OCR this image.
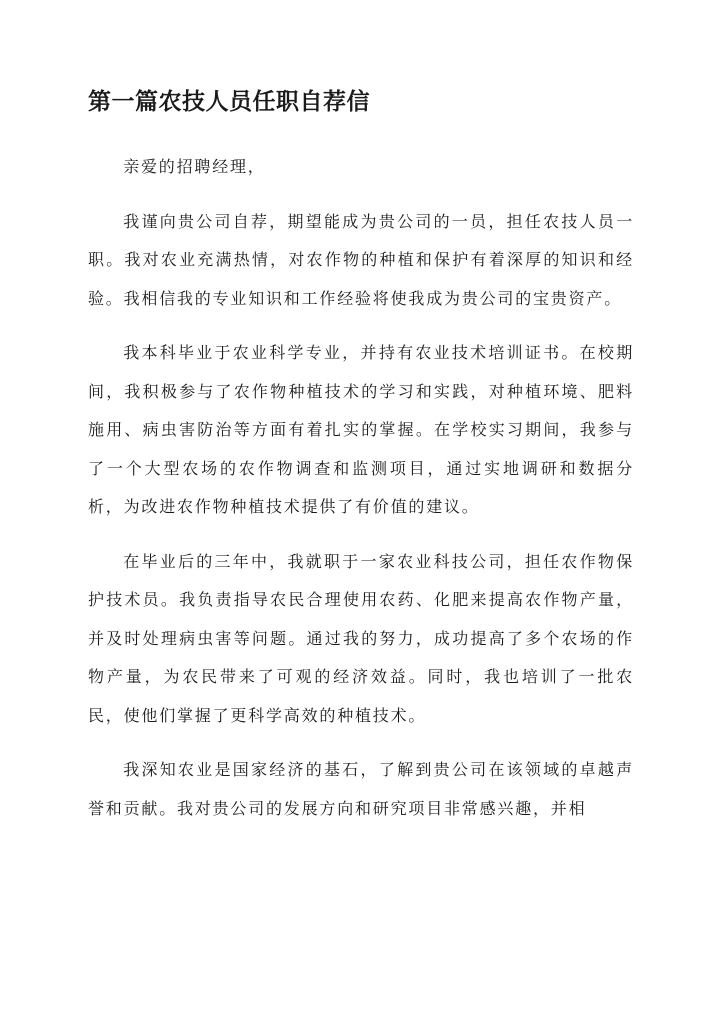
第一篇农技人员任职自荐信

亲爱的招聘经理，

我谨向贵公司自荐，期望能成为贵公司的一员，担任农技人员一职。我对农业充满热情，对农作物的种植和保护有着深厚的知识和经验。我相信我的专业知识和工作经验将使我成为贵公司的宝贵资产。

我本科毕业于农业科学专业，并持有农业技术培训证书。在校期间，我积极参与了农作物种植技术的学习和实践，对种植环境、肥料施用、病虫害防治等方面有着扎实的掌握。在学校实习期间，我参与了一个大型农场的农作物调查和监测项目，通过实地调研和数据分析，为改进农作物种植技术提供了有价值的建议。

在毕业后的三年中，我就职于一家农业科技公司，担任农作物保护技术员。我负责指导农民合理使用农药、化肥来提高农作物产量，并及时处理病虫害等问题。通过我的努力，成功提高了多个农场的作物产量，为农民带来了可观的经济效益。同时，我也培训了一批农民，使他们掌握了更科学高效的种植技术。

我深知农业是国家经济的基石，了解到贵公司在该领域的卓越声誉和贡献。我对贵公司的发展方向和研究项目非常感兴趣，并相
